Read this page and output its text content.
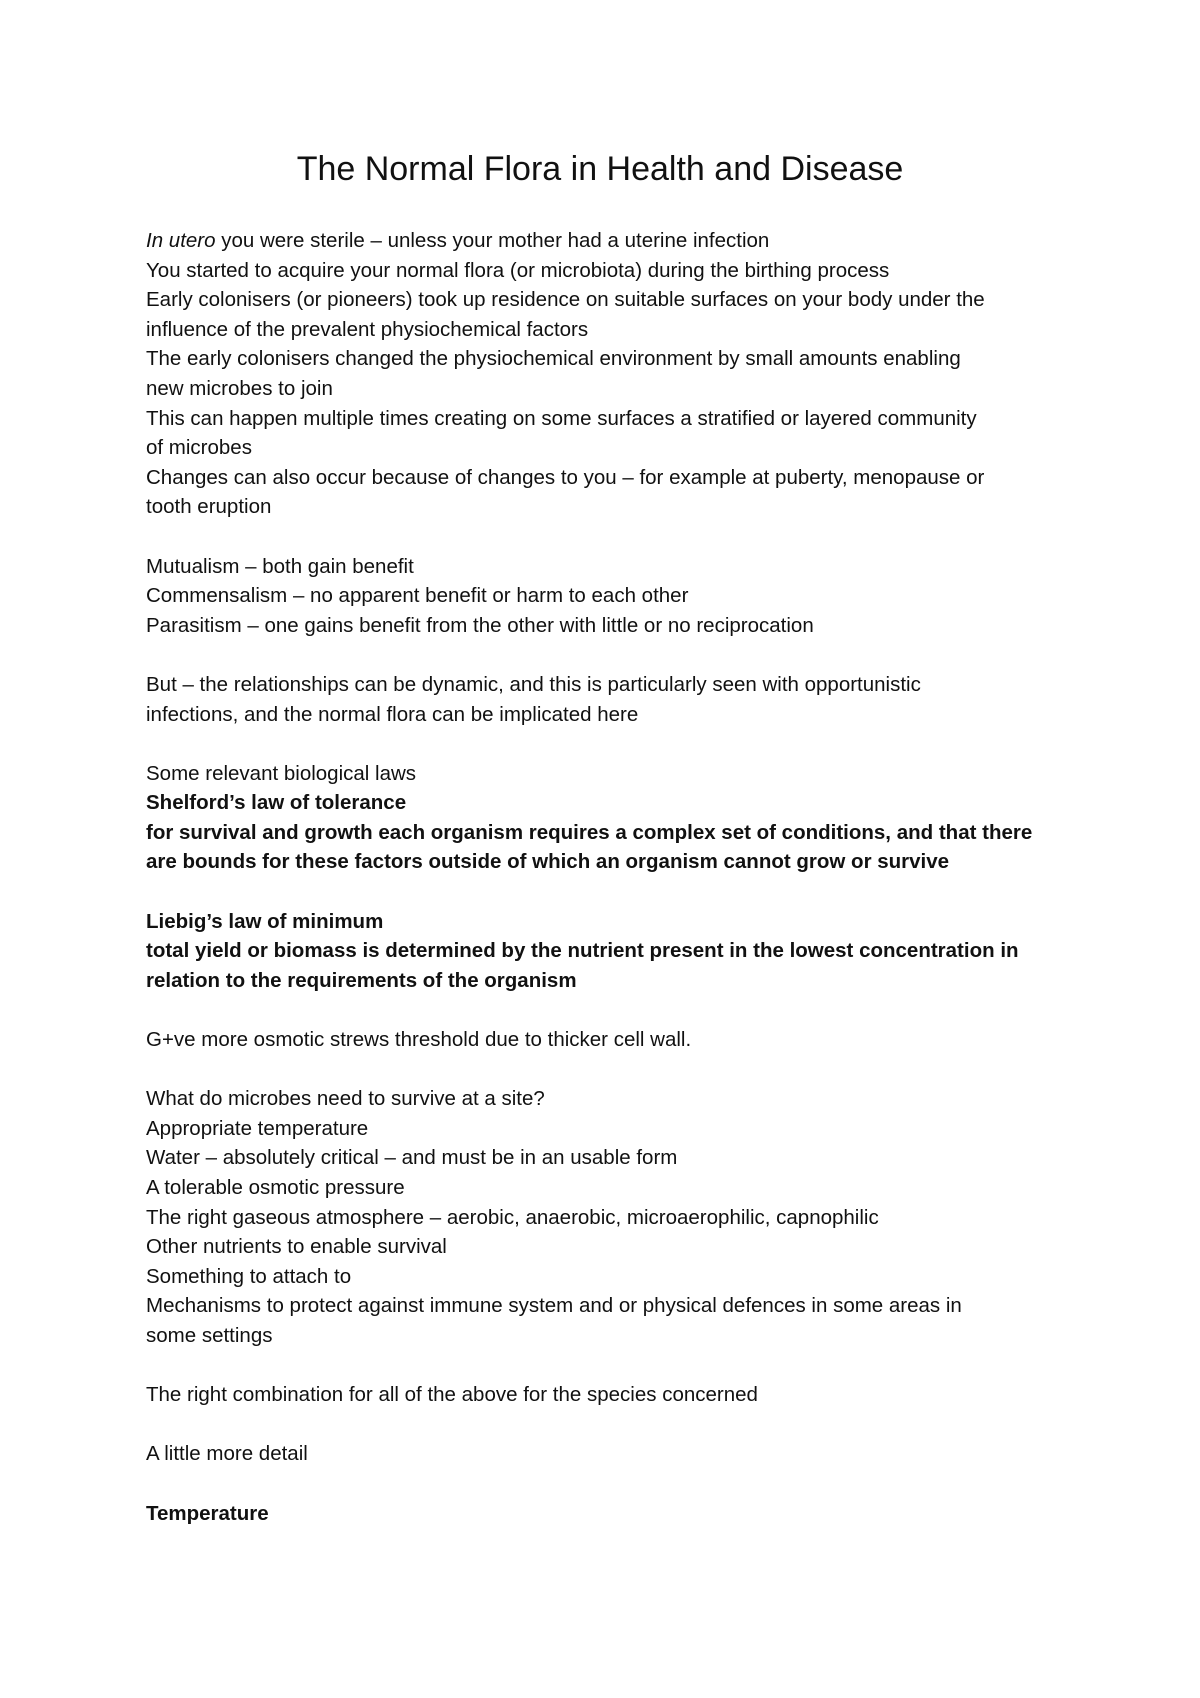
The Normal Flora in Health and Disease

In utero you were sterile – unless your mother had a uterine infection

You started to acquire your normal flora (or microbiota) during the birthing process

Early colonisers (or pioneers) took up residence on suitable surfaces on your body under the

influence of the prevalent physiochemical factors

The early colonisers changed the physiochemical environment by small amounts enabling

new microbes to join

This can happen multiple times creating on some surfaces a stratified or layered community

of microbes

Changes can also occur because of changes to you – for example at puberty, menopause or

tooth eruption

Mutualism – both gain benefit

Commensalism – no apparent benefit or harm to each other

Parasitism – one gains benefit from the other with little or no reciprocation

But – the relationships can be dynamic, and this is particularly seen with opportunistic

infections, and the normal flora can be implicated here

Some relevant biological laws

Shelford’s law of tolerance

for survival and growth each organism requires a complex set of conditions, and that there

are bounds for these factors outside of which an organism cannot grow or survive

Liebig’s law of minimum

total yield or biomass is determined by the nutrient present in the lowest concentration in

relation to the requirements of the organism

G+ve more osmotic strews threshold due to thicker cell wall.

What do microbes need to survive at a site?

Appropriate temperature

Water – absolutely critical – and must be in an usable form

A tolerable osmotic pressure

The right gaseous atmosphere – aerobic, anaerobic, microaerophilic, capnophilic

Other nutrients to enable survival

Something to attach to

Mechanisms to protect against immune system and or physical defences in some areas in

some settings

The right combination for all of the above for the species concerned

A little more detail

Temperature
